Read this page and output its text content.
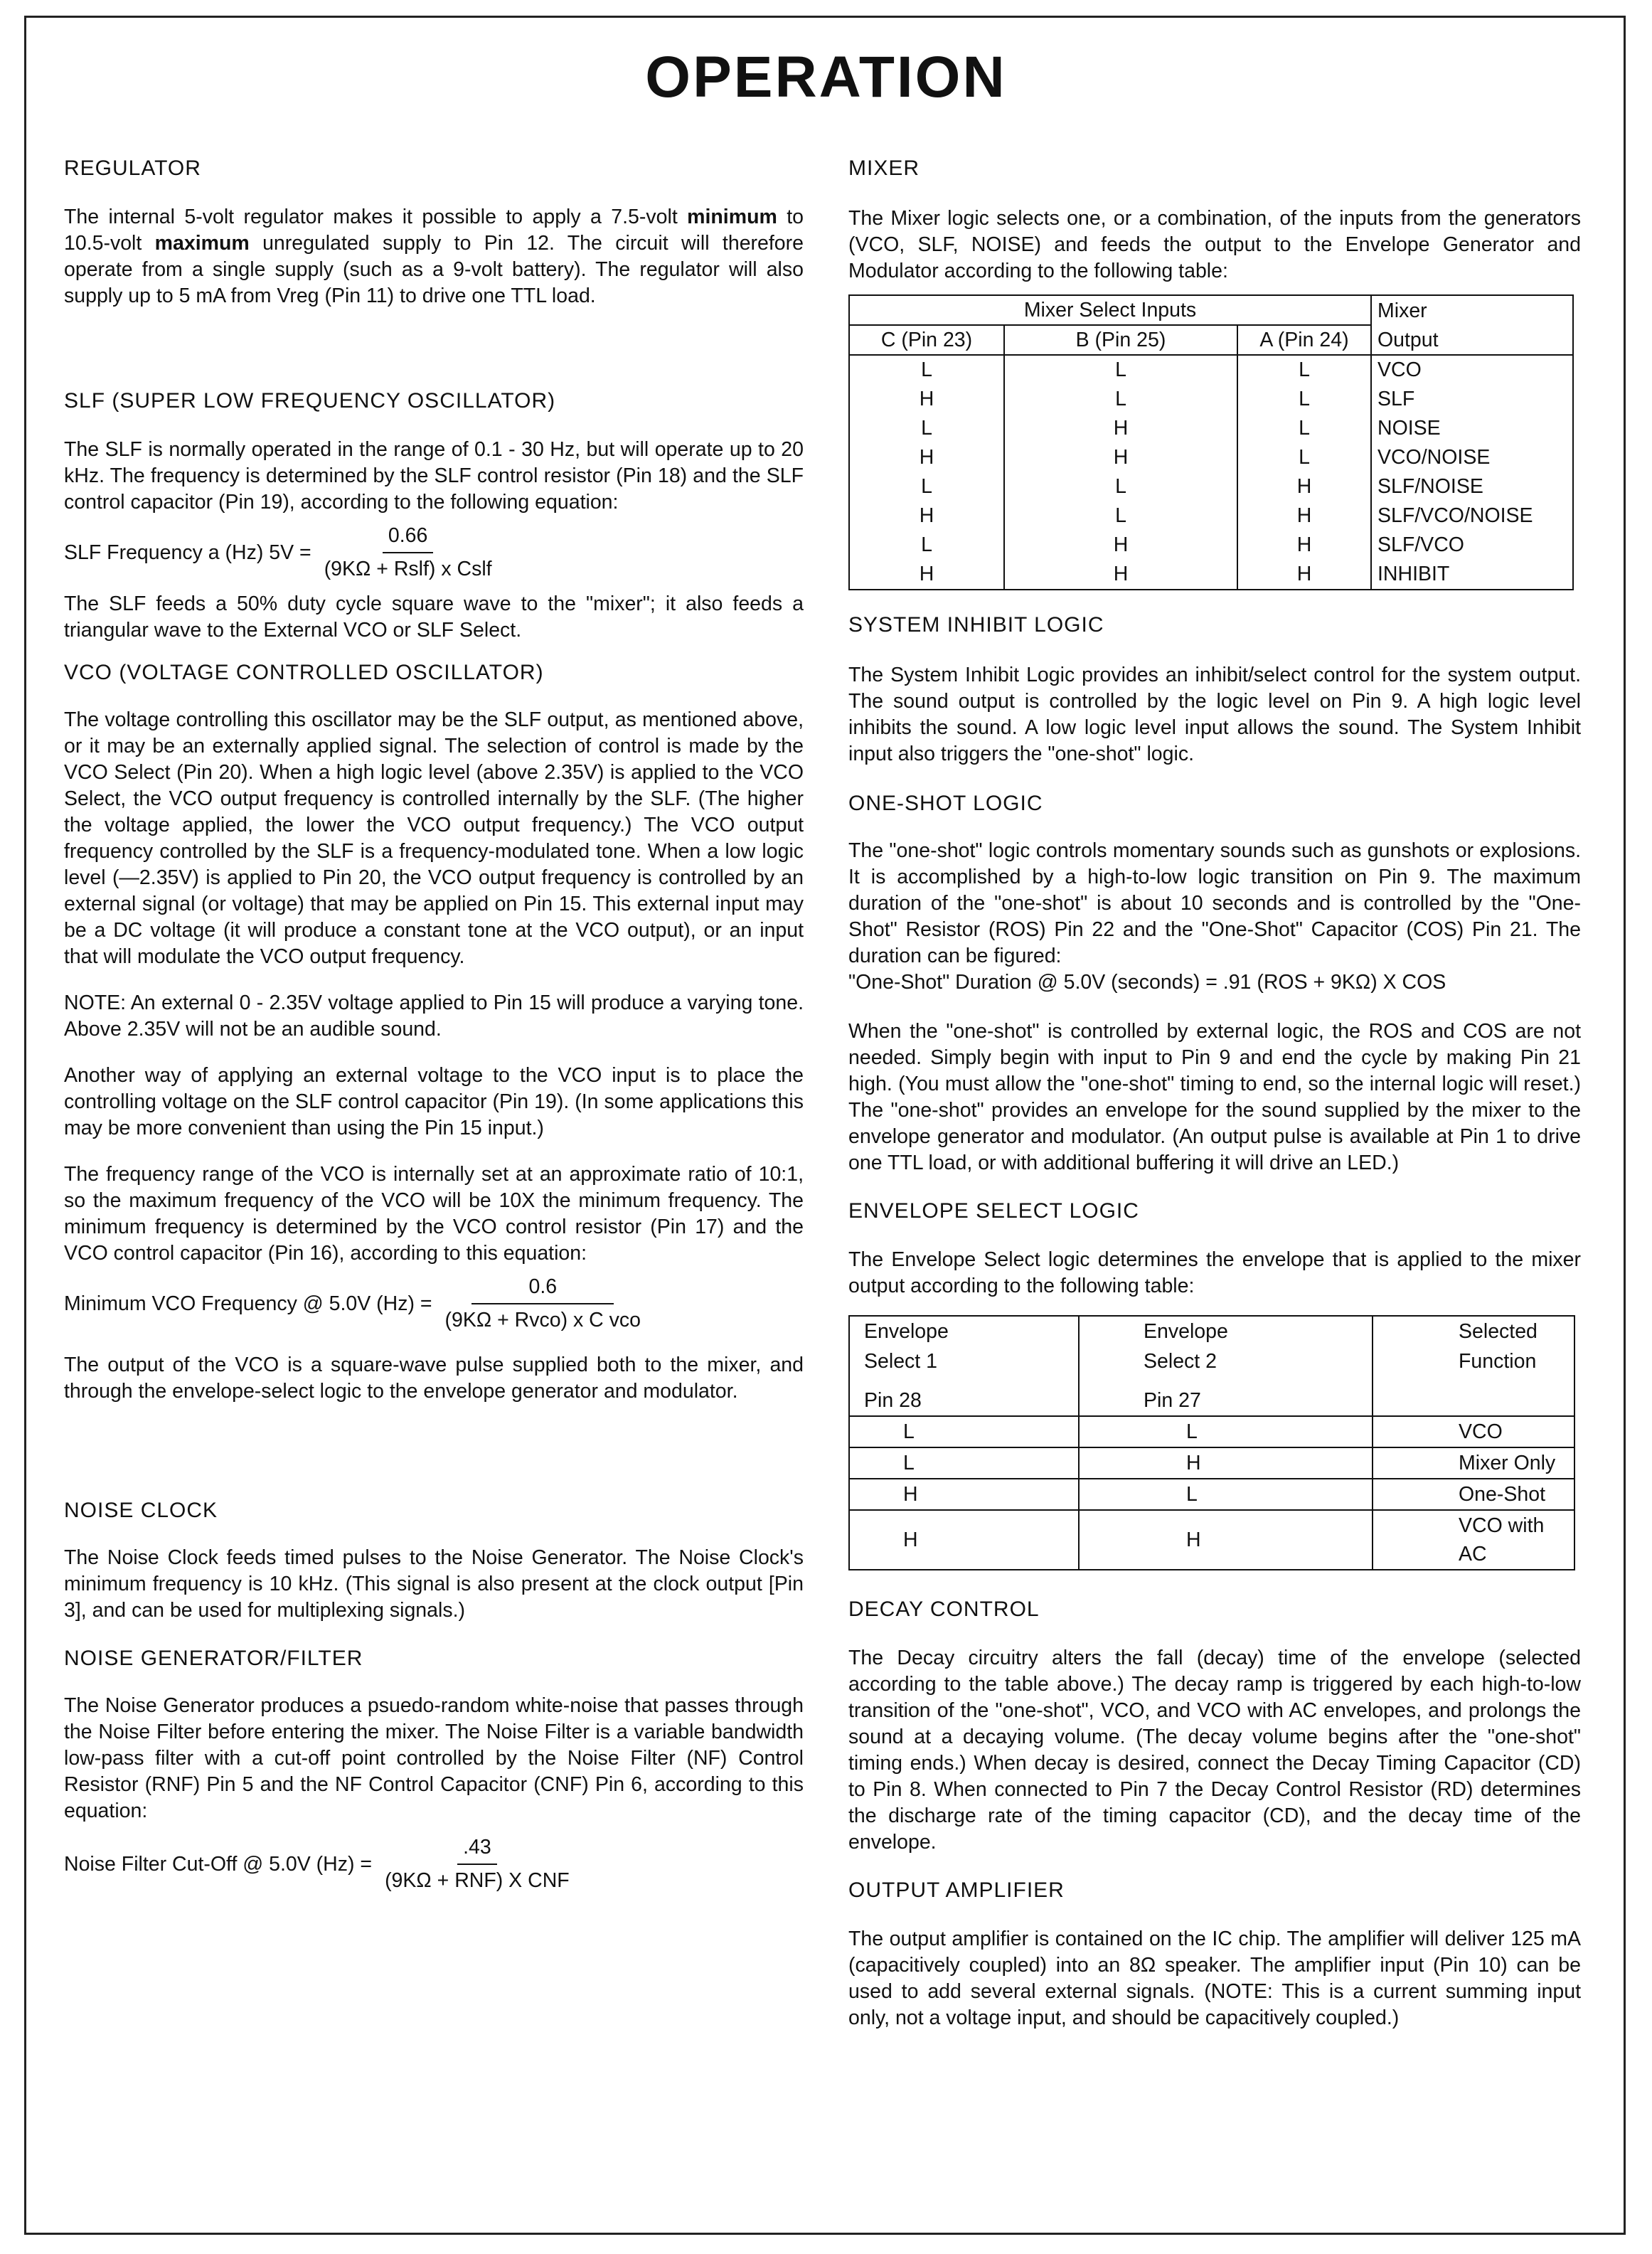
OPERATION
REGULATOR

The internal 5-volt regulator makes it possible to apply a 7.5-volt minimum to 10.5-volt maximum unregulated supply to Pin 12. The circuit will therefore operate from a single supply (such as a 9-volt battery). The regulator will also supply up to 5 mA from Vreg (Pin 11) to drive one TTL load.

SLF (SUPER LOW FREQUENCY OSCILLATOR)

The SLF is normally operated in the range of 0.1 - 30 Hz, but will operate up to 20 kHz. The frequency is determined by the SLF control resistor (Pin 18) and the SLF control capacitor (Pin 19), according to the following equation:

SLF Frequency a (Hz) $5V = \frac{0.66}{\text{(9KΩ + Rslf) x Cslf}}$

The SLF feeds a 50% duty cycle square wave to the "mixer"; it also feeds a triangular wave to the External VCO or SLF Select.

VCO (VOLTAGE CONTROLLED OSCILLATOR)

The voltage controlling this oscillator may be the SLF output, as mentioned above, or it may be an externally applied signal. The selection of control is made by the VCO Select (Pin 20). When a high logic level (above 2.35V) is applied to the VCO Select, the VCO output frequency is controlled internally by the SLF. (The higher the voltage applied, the lower the VCO output frequency.) The VCO output frequency controlled by the SLF is a frequency-modulated tone. When a low logic level (—2.35V) is applied to Pin 20, the VCO output frequency is controlled by an external signal (or voltage) that may be applied on Pin 15. This external input may be a DC voltage (it will produce a constant tone at the VCO output), or an input that will modulate the VCO output frequency.

NOTE: An external 0 - 2.35V voltage applied to Pin 15 will produce a varying tone. Above 2.35V will not be an audible sound.

Another way of applying an external voltage to the VCO input is to place the controlling voltage on the SLF control capacitor (Pin 19). (In some applications this may be more convenient than using the Pin 15 input.)

The frequency range of the VCO is internally set at an approximate ratio of 10:1, so the maximum frequency of the VCO will be 10X the minimum frequency. The minimum frequency is determined by the VCO control resistor (Pin 17) and the VCO control capacitor (Pin 16), according to this equation:

Minimum VCO Frequency @ 5.0V $(Hz) = \frac{0.6}{\text{(9KΩ + Rvco) x C vco}}$

The output of the VCO is a square-wave pulse supplied both to the mixer, and through the envelope-select logic to the envelope generator and modulator.

NOISE CLOCK

The Noise Clock feeds timed pulses to the Noise Generator. The Noise Clock's minimum frequency is 10 kHz. (This signal is also present at the clock output [Pin 3], and can be used for multiplexing signals.)

NOISE GENERATOR/FILTER

The Noise Generator produces a psuedo-random white-noise that passes through the Noise Filter before entering the mixer. The Noise Filter is a variable bandwidth low-pass filter with a cut-off point controlled by the Noise Filter (NF) Control Resistor (RNF) Pin 5 and the NF Control Capacitor (CNF) Pin 6, according to this equation:

Noise Filter Cut-Off @ 5.0V $(Hz) = \frac{.43}{\text{(9KΩ + RNF) X CNF}}$
MIXER

The Mixer logic selects one, or a combination, of the inputs from the generators (VCO, SLF, NOISE) and feeds the output to the Envelope Generator and Modulator according to the following table:

Mixer Select Inputs			Mixer
C (Pin 23)	B (Pin 25)	A (Pin 24)	Output
L	L	L	VCO
H	L	L	SLF
L	H	L	NOISE
H	H	L	VCO/NOISE
L	L	H	SLF/NOISE
H	L	H	SLF/VCO/NOISE
L	H	H	SLF/VCO
H	H	H	INHIBIT
SYSTEM INHIBIT LOGIC

The System Inhibit Logic provides an inhibit/select control for the system output. The sound output is controlled by the logic level on Pin 9. A high logic level inhibits the sound. A low logic level input allows the sound. The System Inhibit input also triggers the "one-shot" logic.

ONE-SHOT LOGIC

The "one-shot" logic controls momentary sounds such as gunshots or explosions. It is accomplished by a high-to-low logic transition on Pin 9. The maximum duration of the "one-shot" is about 10 seconds and is controlled by the "One-Shot" Resistor (ROS) Pin 22 and the "One-Shot" Capacitor (COS) Pin 21. The duration can be figured:

"One-Shot" Duration @ 5.0V (seconds) = .91 (ROS + 9KΩ) X COS

When the "one-shot" is controlled by external logic, the ROS and COS are not needed. Simply begin with input to Pin 9 and end the cycle by making Pin 21 high. (You must allow the "one-shot" timing to end, so the internal logic will reset.) The "one-shot" provides an envelope for the sound supplied by the mixer to the envelope generator and modulator. (An output pulse is available at Pin 1 to drive one TTL load, or with additional buffering it will drive an LED.)

ENVELOPE SELECT LOGIC

The Envelope Select logic determines the envelope that is applied to the mixer output according to the following table:

Envelope	Envelope	Selected
Select 1	Select 2	Function
Pin 28	Pin 27	
L	L	VCO
L	H	Mixer Only
H	L	One-Shot
H	H	VCO with AC
DECAY CONTROL

The Decay circuitry alters the fall (decay) time of the envelope (selected according to the table above.) The decay ramp is triggered by each high-to-low transition of the "one-shot", VCO, and VCO with AC envelopes, and prolongs the sound at a decaying volume. (The decay volume begins after the "one-shot" timing ends.) When decay is desired, connect the Decay Timing Capacitor (CD) to Pin 8. When connected to Pin 7 the Decay Control Resistor (RD) determines the discharge rate of the timing capacitor (CD), and the decay time of the envelope.

OUTPUT AMPLIFIER

The output amplifier is contained on the IC chip. The amplifier will deliver 125 mA (capacitively coupled) into an 8Ω speaker. The amplifier input (Pin 10) can be used to add several external signals. (NOTE: This is a current summing input only, not a voltage input, and should be capacitively coupled.)
